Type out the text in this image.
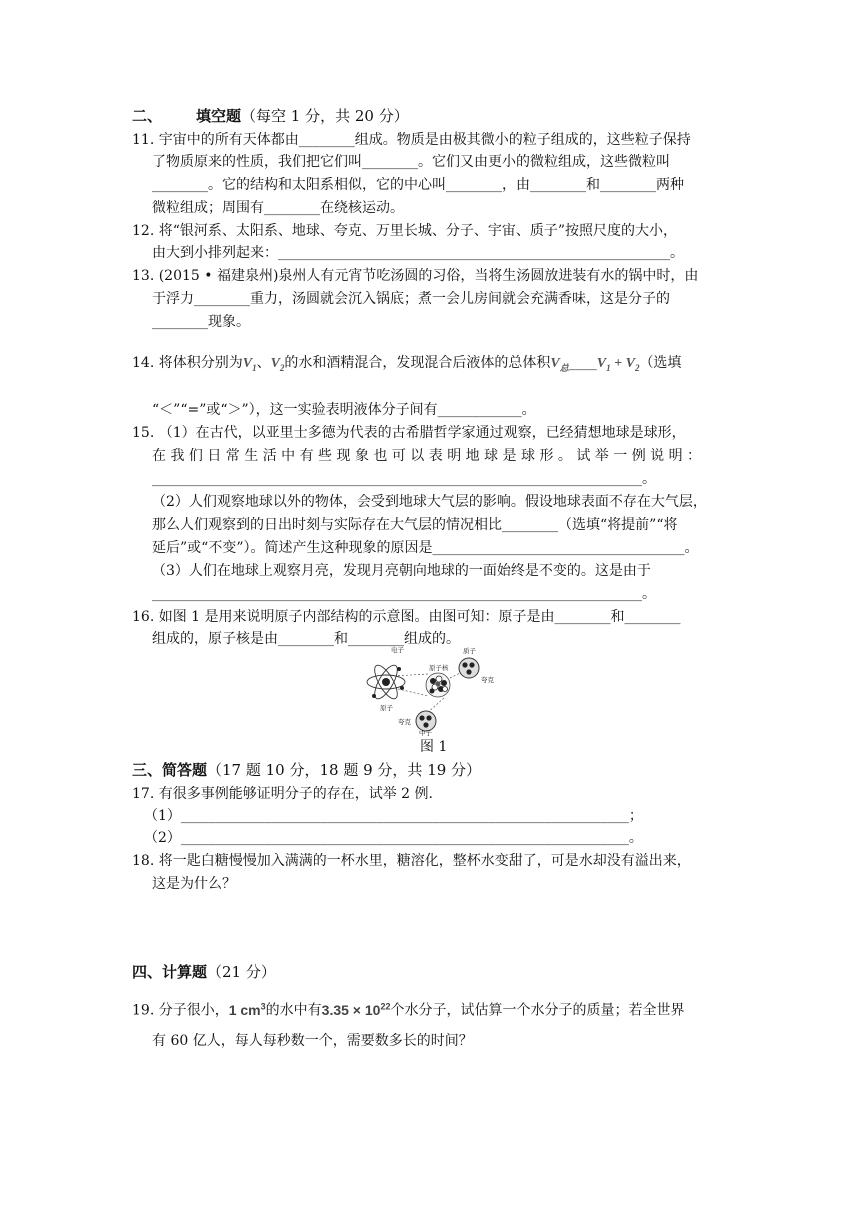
二、 填空题（每空 1 分，共 20 分）
11. 宇宙中的所有天体都由________组成。物质是由极其微小的粒子组成的，这些粒子保持
了物质原来的性质，我们把它们叫________。它们又由更小的微粒组成，这些微粒叫
________。它的结构和太阳系相似，它的中心叫________，由________和________两种
微粒组成；周围有________在绕核运动。
12. 将“银河系、太阳系、地球、夸克、万里长城、分子、宇宙、质子”按照尺度的大小，
由大到小排列起来：________________________________________________________。
13. (2015 • 福建泉州)泉州人有元宵节吃汤圆的习俗，当将生汤圆放进装有水的锅中时，由
于浮力________重力，汤圆就会沉入锅底；煮一会儿房间就会充满香味，这是分子的
________现象。
14. 将体积分别为$V_1$、$V_2$的水和酒精混合，发现混合后液体的总体积$V_总\_\_\_\_V_1 + V_2$（选填
“＜”“=”或“＞”），这一实验表明液体分子间有____________。
15. （1）在古代，以亚里士多德为代表的古希腊哲学家通过观察，已经猜想地球是球形，
在 我 们 日 常 生 活 中 有 些 现 象 也 可 以 表 明 地 球 是 球 形 。 试 举 一 例 说 明 ：
______________________________________________________________________。
（2）人们观察地球以外的物体，会受到地球大气层的影响。假设地球表面不存在大气层，
那么人们观察到的日出时刻与实际存在大气层的情况相比________（选填“将提前”“将
延后”或“不变”）。简述产生这种现象的原因是____________________________________。
（3）人们在地球上观察月亮，发现月亮朝向地球的一面始终是不变的。这是由于
______________________________________________________________________。
16. 如图 1 是用来说明原子内部结构的示意图。由图可知：原子是由________和________
组成的，原子核是由________和________组成的。
电子
原子核
质子
夸克
原子
夸克
中子
图 1
三、简答题（17 题 10 分，18 题 9 分，共 19 分）
17. 有很多事例能够证明分子的存在，试举 2 例.
（1）________________________________________________________________；
（2）________________________________________________________________。
18. 将一匙白糖慢慢加入满满的一杯水里，糖溶化，整杯水变甜了，可是水却没有溢出来，
这是为什么？
四、计算题（21 分）
19. 分子很小，1 $cm^3$的水中有$3.35 \times 10^{22}$个水分子，试估算一个水分子的质量；若全世界
有 60 亿人，每人每秒数一个，需要数多长的时间？
